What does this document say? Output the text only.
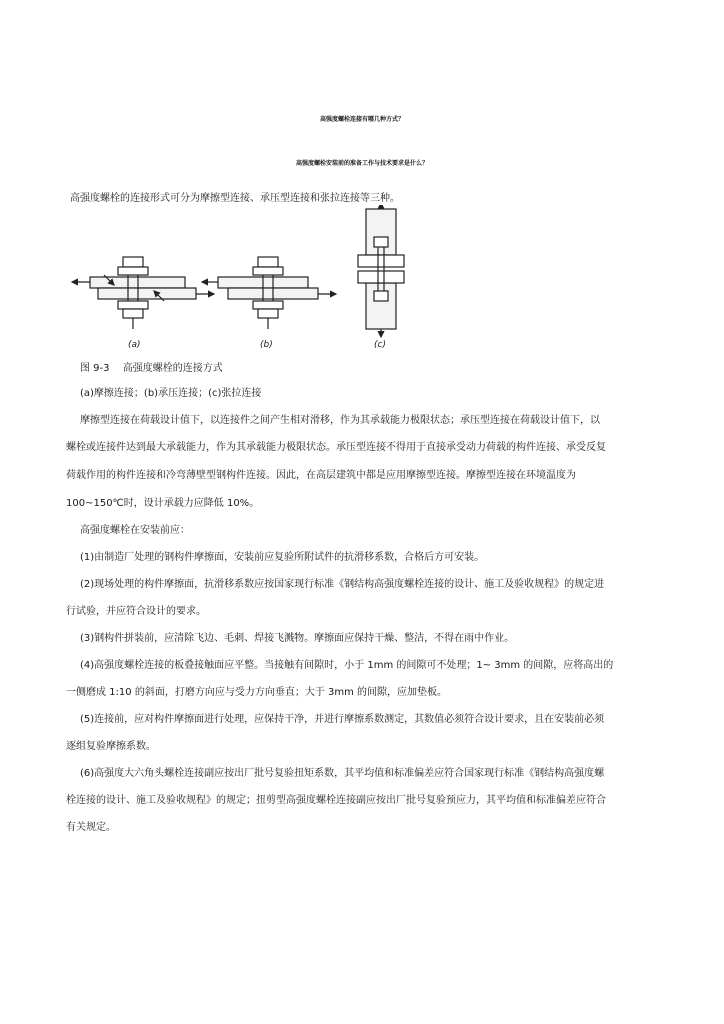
高强度螺栓连接有哪几种方式？
高强度螺栓安装前的准备工作与技术要求是什么？

高强度螺栓的连接形式可分为摩擦型连接、承压型连接和张拉连接等三种。

(a)	(b)	(c)

图 9-3　 高强度螺栓的连接方式

(a)摩擦连接；(b)承压连接；(c)张拉连接

摩擦型连接在荷载设计值下，以连接件之间产生相对滑移，作为其承载能力极限状态；承压型连接在荷载设计值下，以

螺栓或连接件达到最大承载能力，作为其承载能力极限状态。承压型连接不得用于直接承受动力荷载的构件连接、承受反复

荷载作用的构件连接和冷弯薄壁型钢构件连接。因此，在高层建筑中都是应用摩擦型连接。摩擦型连接在环境温度为

100~150℃时，设计承载力应降低 10%。

高强度螺栓在安装前应：

(1)由制造厂处理的钢构件摩擦面，安装前应复验所附试件的抗滑移系数，合格后方可安装。

(2)现场处理的构件摩擦面，抗滑移系数应按国家现行标准《钢结构高强度螺栓连接的设计、施工及验收规程》的规定进

行试验，并应符合设计的要求。

(3)钢构件拼装前，应清除飞边、毛刺、焊接飞溅物。摩擦面应保持干燥、整洁，不得在雨中作业。

(4)高强度螺栓连接的板叠接触面应平整。当接触有间隙时，小于 1mm 的间隙可不处理；1~ 3mm 的间隙，应将高出的

一侧磨成 1:10 的斜面，打磨方向应与受力方向垂直；大于 3mm 的间隙，应加垫板。

(5)连接前，应对构件摩擦面进行处理，应保持干净，并进行摩擦系数测定，其数值必须符合设计要求，且在安装前必须

逐组复验摩擦系数。

(6)高强度大六角头螺栓连接副应按出厂批号复验扭矩系数，其平均值和标准偏差应符合国家现行标准《钢结构高强度螺

栓连接的设计、施工及验收规程》的规定；扭剪型高强度螺栓连接副应按出厂批号复验预应力，其平均值和标准偏差应符合

有关规定。
